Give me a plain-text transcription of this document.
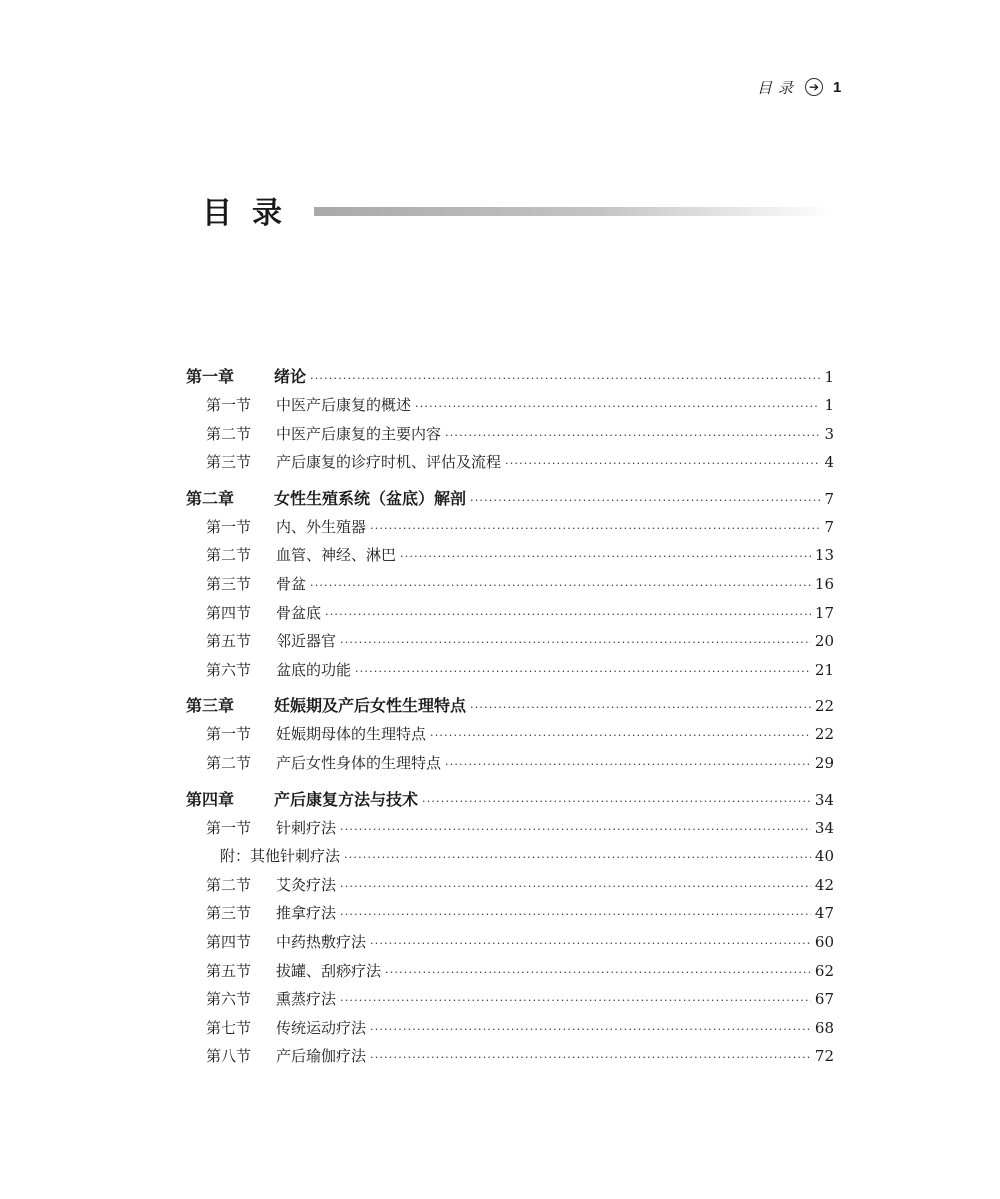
目录 ➔ 1
目录
第一章	绪论 ·····	1
第一节	中医产后康复的概述 ·····	1
第二节	中医产后康复的主要内容 ·····	3
第三节	产后康复的诊疗时机、评估及流程 ·····	4
第二章	女性生殖系统（盆底）解剖 ·····	7
第一节	内、外生殖器 ·····	7
第二节	血管、神经、淋巴 ·····	13
第三节	骨盆 ·····	16
第四节	骨盆底 ·····	17
第五节	邻近器官 ·····	20
第六节	盆底的功能 ·····	21
第三章	妊娠期及产后女性生理特点 ·····	22
第一节	妊娠期母体的生理特点 ·····	22
第二节	产后女性身体的生理特点 ·····	29
第四章	产后康复方法与技术 ·····	34
第一节	针刺疗法 ·····	34
附：其他针刺疗法 ·····	40
第二节	艾灸疗法 ·····	42
第三节	推拿疗法 ·····	47
第四节	中药热敷疗法 ·····	60
第五节	拔罐、刮痧疗法 ·····	62
第六节	熏蒸疗法 ·····	67
第七节	传统运动疗法 ·····	68
第八节	产后瑜伽疗法 ·····	72
